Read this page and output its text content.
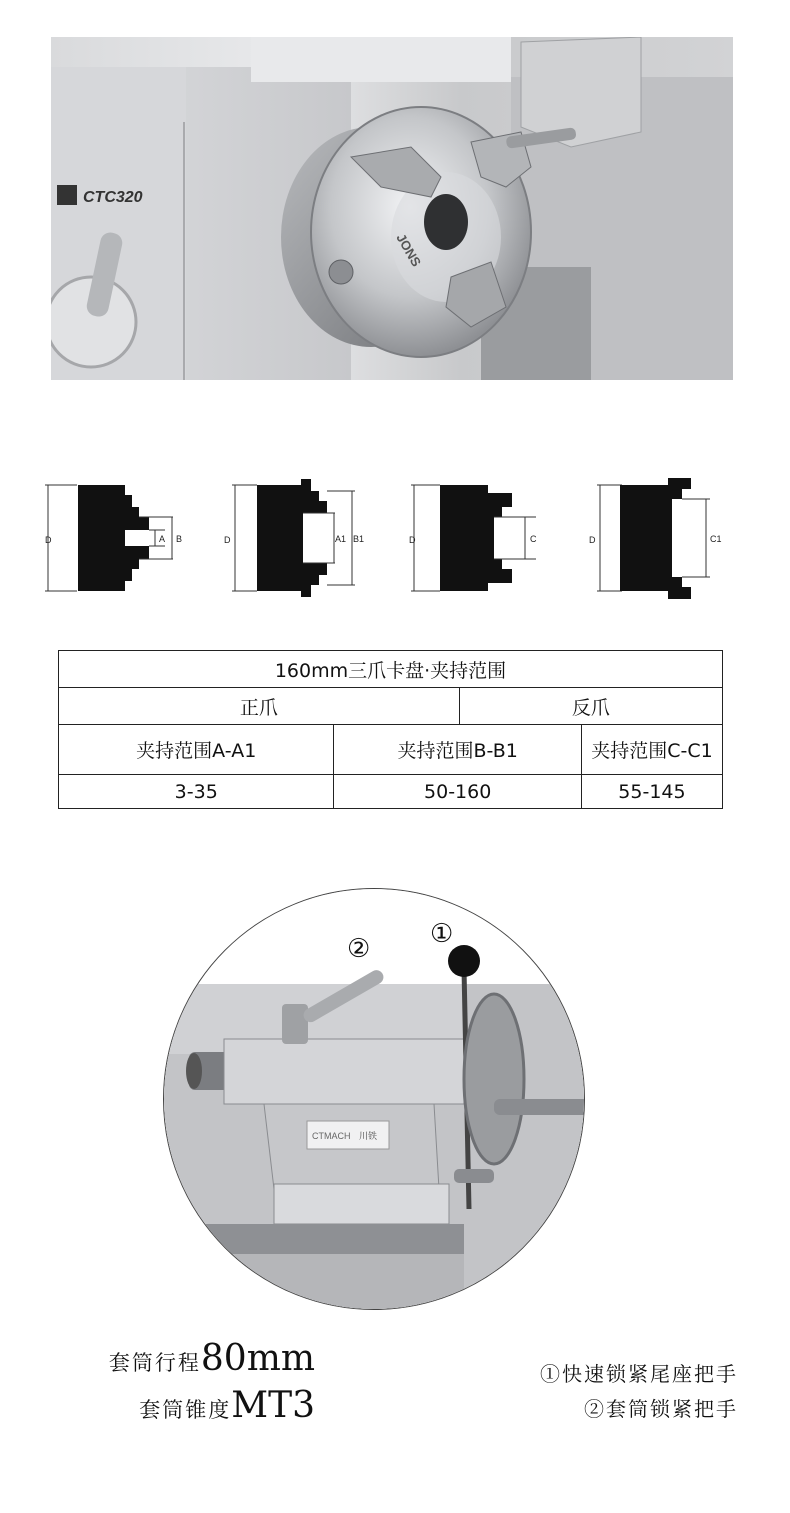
CTC320
JONS
D	A B	D	A1 B1	D	C	D	C1
160mm三爪卡盘·夹持范围			
正爪		反爪	
夹持范围A-A1	夹持范围B-B1		夹持范围C-C1
3-35	50-160		55-145
CTMACH 川铁
② ①
套筒行程80mm
套筒锥度MT3
①快速锁紧尾座把手
②套筒锁紧把手
